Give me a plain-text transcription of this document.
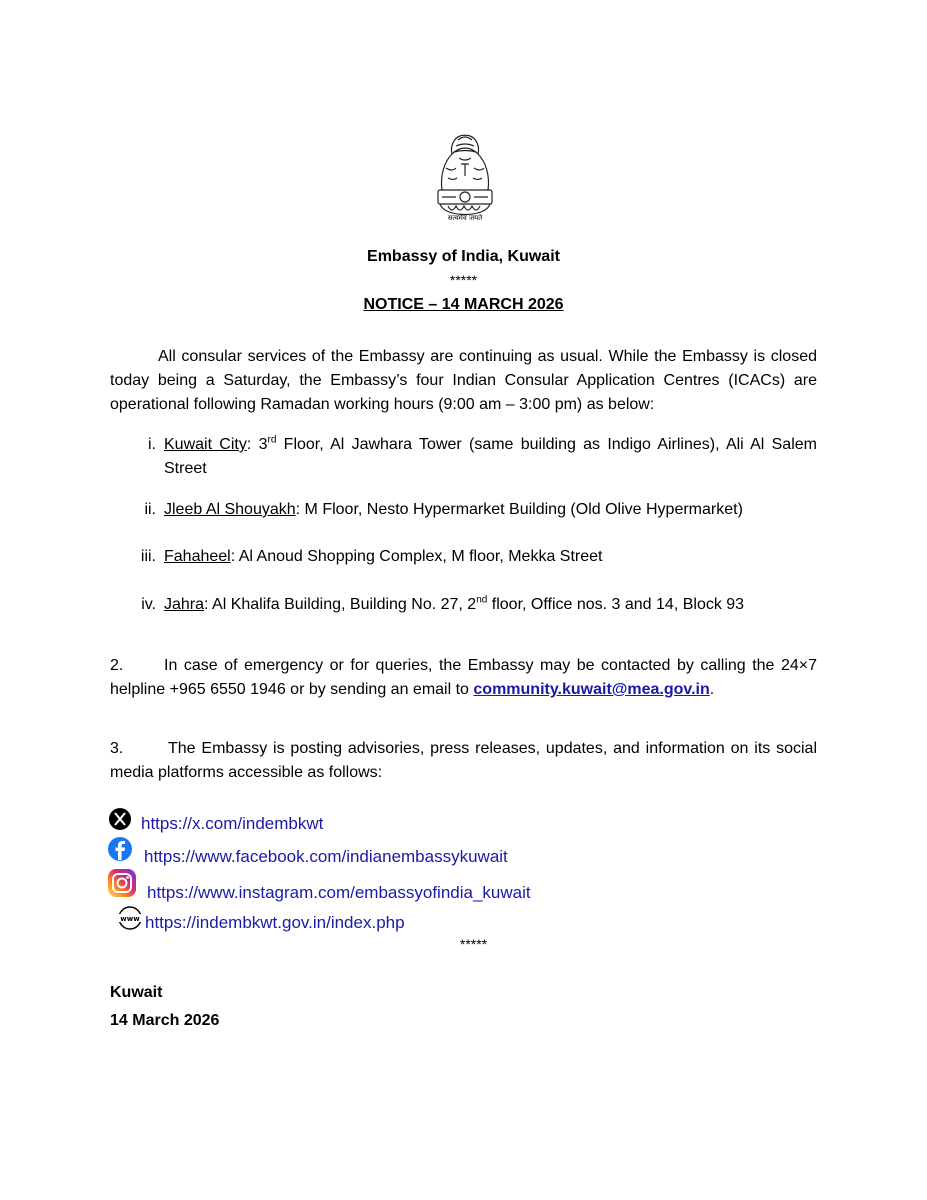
सत्यमेव जयते
Embassy of India, Kuwait
*****
NOTICE – 14 MARCH 2026
All consular services of the Embassy are continuing as usual. While the Embassy is closed today being a Saturday, the Embassy’s four Indian Consular Application Centres (ICACs) are operational following Ramadan working hours (9:00 am – 3:00 pm) as below:
i. Kuwait City: 3rd Floor, Al Jawhara Tower (same building as Indigo Airlines), Ali Al Salem Street
ii. Jleeb Al Shouyakh: M Floor, Nesto Hypermarket Building (Old Olive Hypermarket)
iii. Fahaheel: Al Anoud Shopping Complex, M floor, Mekka Street
iv. Jahra: Al Khalifa Building, Building No. 27, 2nd floor, Office nos. 3 and 14, Block 93
2.	In case of emergency or for queries, the Embassy may be contacted by calling the 24×7 helpline +965 6550 1946 or by sending an email to community.kuwait@mea.gov.in.
3.	The Embassy is posting advisories, press releases, updates, and information on its social media platforms accessible as follows:
https://x.com/indembkwt
https://www.facebook.com/indianembassykuwait
https://www.instagram.com/embassyofindia_kuwait
www https://indembkwt.gov.in/index.php
*****
Kuwait
14 March 2026
